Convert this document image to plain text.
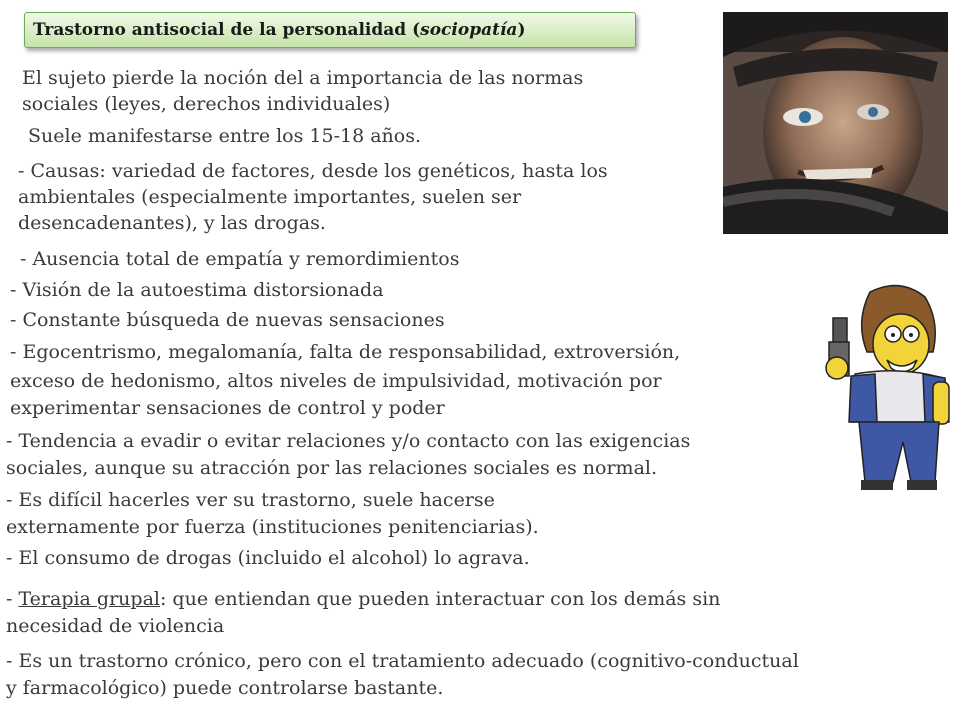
Trastorno antisocial de la personalidad (sociopatía)
El sujeto pierde la noción del a importancia de las normas
sociales (leyes, derechos individuales)
Suele manifestarse entre los 15-18 años.
- Causas: variedad de factores, desde los genéticos, hasta los
ambientales (especialmente importantes, suelen ser
desencadenantes), y las drogas.
- Ausencia total de empatía y remordimientos
- Visión de la autoestima distorsionada
- Constante búsqueda de nuevas sensaciones
- Egocentrismo, megalomanía, falta de responsabilidad, extroversión,
exceso de hedonismo, altos niveles de impulsividad, motivación por
experimentar sensaciones de control y poder
- Tendencia a evadir o evitar relaciones y/o contacto con las exigencias
sociales, aunque su atracción por las relaciones sociales es normal.
- Es difícil hacerles ver su trastorno, suele hacerse
externamente por fuerza (instituciones penitenciarias).
- El consumo de drogas (incluido el alcohol) lo agrava.
- Terapia grupal: que entiendan que pueden interactuar con los demás sin
necesidad de violencia
- Es un trastorno crónico, pero con el tratamiento adecuado (cognitivo-conductual
y farmacológico) puede controlarse bastante.
